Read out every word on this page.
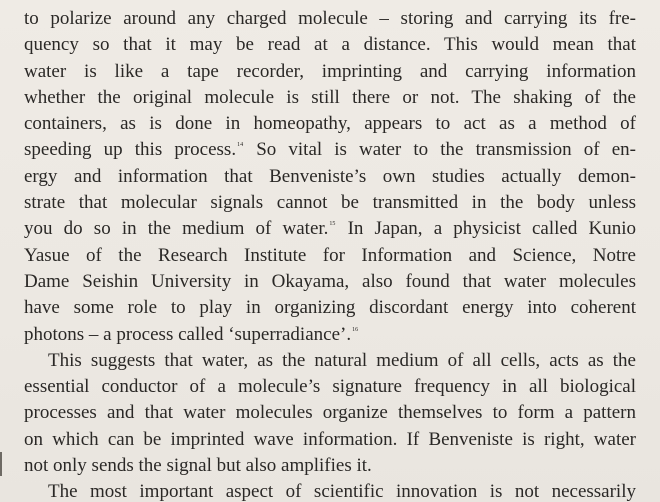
to polarize around any charged molecule – storing and carrying its fre-
quency so that it may be read at a distance. This would mean that
water is like a tape recorder, imprinting and carrying information
whether the original molecule is still there or not. The shaking of the
containers, as is done in homeopathy, appears to act as a method of
speeding up this process.$^{14}$ So vital is water to the transmission of en-
ergy and information that Benveniste’s own studies actually demon-
strate that molecular signals cannot be transmitted in the body unless
you do so in the medium of water.$^{15}$ In Japan, a physicist called Kunio
Yasue of the Research Institute for Information and Science, Notre
Dame Seishin University in Okayama, also found that water molecules
have some role to play in organizing discordant energy into coherent
photons – a process called ‘superradiance’.$^{16}$
This suggests that water, as the natural medium of all cells, acts as the
essential conductor of a molecule’s signature frequency in all biological
processes and that water molecules organize themselves to form a pattern
on which can be imprinted wave information. If Benveniste is right, water
not only sends the signal but also amplifies it.
The most important aspect of scientific innovation is not necessarily
